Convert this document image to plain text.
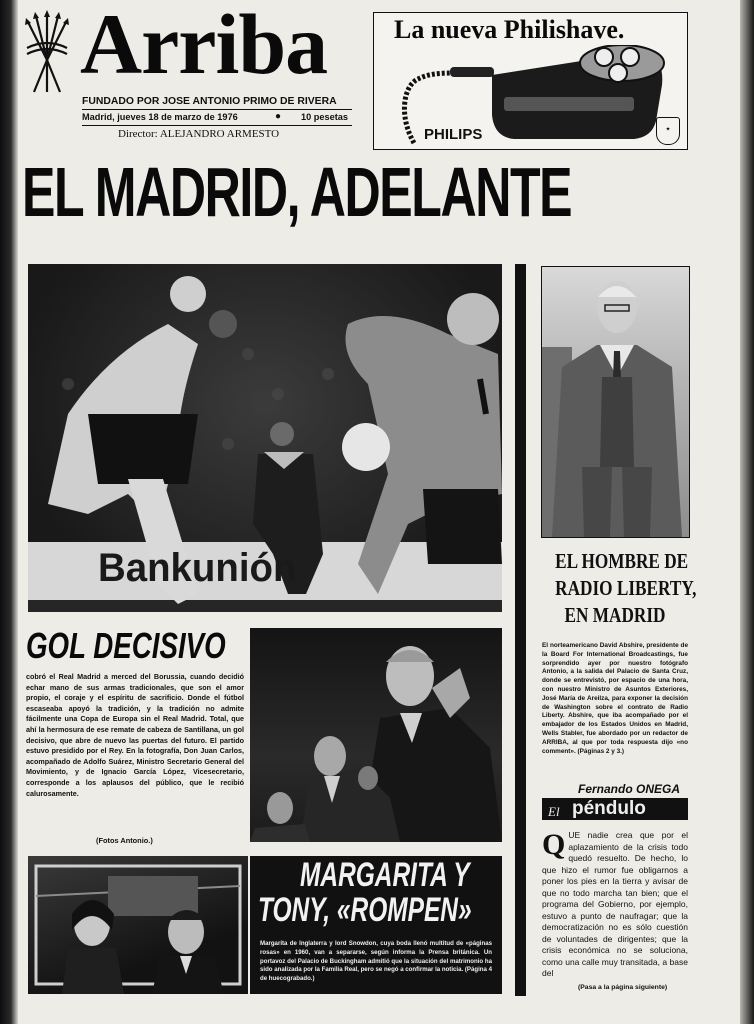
Arriba
FUNDADO POR JOSE ANTONIO PRIMO DE RIVERA
Madrid, jueves 18 de marzo de 1976	● 10 pesetas
Director: ALEJANDRO ARMESTO
La nueva Philishave.
PHILIPS	✦
EL MADRID, ADELANTE
Bankunión	EL HOMBRE DE
RADIO LIBERTY,
EN MADRID
El norteamericano David Abshire, presidente de la Board For International Broadcastings, fue sorprendido ayer por nuestro fotógrafo Antonio, a la salida del Palacio de Santa Cruz, donde se entrevistó, por espacio de una hora, con nuestro Ministro de Asuntos Exteriores, José María de Areilza, para exponer la decisión de Washington sobre el contrato de Radio Liberty. Abshire, que iba acompañado por el embajador de los Estados Unidos en Madrid, Wells Stabler, fue abordado por un redactor de ARRIBA, al que por toda respuesta dijo «no comment». (Páginas 2 y 3.)
Fernando ONEGA
El péndulo
QUE nadie crea que por el aplazamiento de la crisis todo quedó resuelto. De hecho, lo que hizo el rumor fue obligarnos a poner los pies en la tierra y avisar de que no todo marcha tan bien; que el programa del Gobierno, por ejemplo, estuvo a punto de naufragar; que la democratización no es sólo cuestión de voluntades de dirigentes; que la crisis económica no se soluciona, como una calle muy transitada, a base del
(Pasa a la página siguiente)
GOL DECISIVO
cobró el Real Madrid a merced del Borussia, cuando decidió echar mano de sus armas tradicionales, que son el amor propio, el coraje y el espíritu de sacrificio. Donde el fútbol escaseaba apoyó la tradición, y la tradición no admite fácilmente una Copa de Europa sin el Real Madrid. Total, que ahí la hermosura de ese remate de cabeza de Santillana, un gol decisivo, que abre de nuevo las puertas del futuro. El partido estuvo presidido por el Rey. En la fotografía, Don Juan Carlos, acompañado de Adolfo Suárez, Ministro Secretario General del Movimiento, y de Ignacio García López, Vicesecretario, corresponde a los aplausos del público, que le recibió calurosamente.
(Fotos Antonio.)
MARGARITA Y
TONY, «ROMPEN»
Margarita de Inglaterra y lord Snowdon, cuya boda llenó multitud de «páginas rosas» en 1960, van a separarse, según informa la Prensa británica. Un portavoz del Palacio de Buckingham admitió que la situación del matrimonio ha sido analizada por la Familia Real, pero se negó a confirmar la noticia. (Página 4 de huecograbado.)
